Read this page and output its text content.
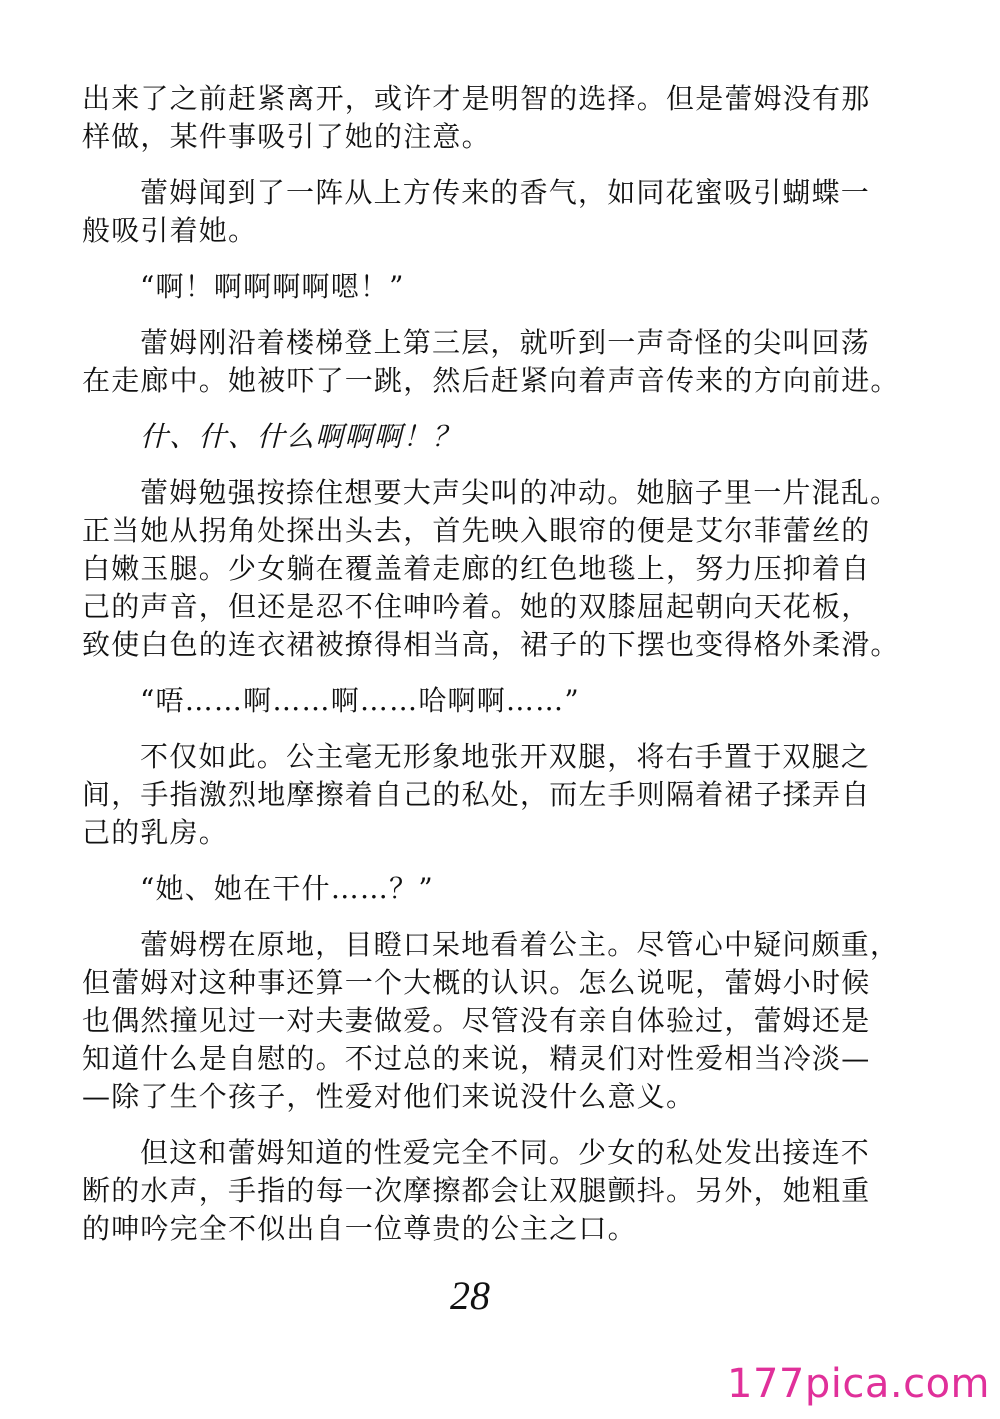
出来了之前赶紧离开，或许才是明智的选择。但是蕾姆没有那
样做，某件事吸引了她的注意。

蕾姆闻到了一阵从上方传来的香气，如同花蜜吸引蝴蝶一
般吸引着她。

“啊！啊啊啊啊嗯！”

蕾姆刚沿着楼梯登上第三层，就听到一声奇怪的尖叫回荡
在走廊中。她被吓了一跳，然后赶紧向着声音传来的方向前进。

什、什、什么啊啊啊！？

蕾姆勉强按捺住想要大声尖叫的冲动。她脑子里一片混乱。
正当她从拐角处探出头去，首先映入眼帘的便是艾尔菲蕾丝的
白嫩玉腿。少女躺在覆盖着走廊的红色地毯上，努力压抑着自
己的声音，但还是忍不住呻吟着。她的双膝屈起朝向天花板，
致使白色的连衣裙被撩得相当高，裙子的下摆也变得格外柔滑。

“唔……啊……啊……哈啊啊……”

不仅如此。公主毫无形象地张开双腿，将右手置于双腿之
间，手指激烈地摩擦着自己的私处，而左手则隔着裙子揉弄自
己的乳房。

“她、她在干什……？”

蕾姆楞在原地，目瞪口呆地看着公主。尽管心中疑问颇重，
但蕾姆对这种事还算一个大概的认识。怎么说呢，蕾姆小时候
也偶然撞见过一对夫妻做爱。尽管没有亲自体验过，蕾姆还是
知道什么是自慰的。不过总的来说，精灵们对性爱相当冷淡—
—除了生个孩子，性爱对他们来说没什么意义。

但这和蕾姆知道的性爱完全不同。少女的私处发出接连不
断的水声，手指的每一次摩擦都会让双腿颤抖。另外，她粗重
的呻吟完全不似出自一位尊贵的公主之口。

28
177pica.com
